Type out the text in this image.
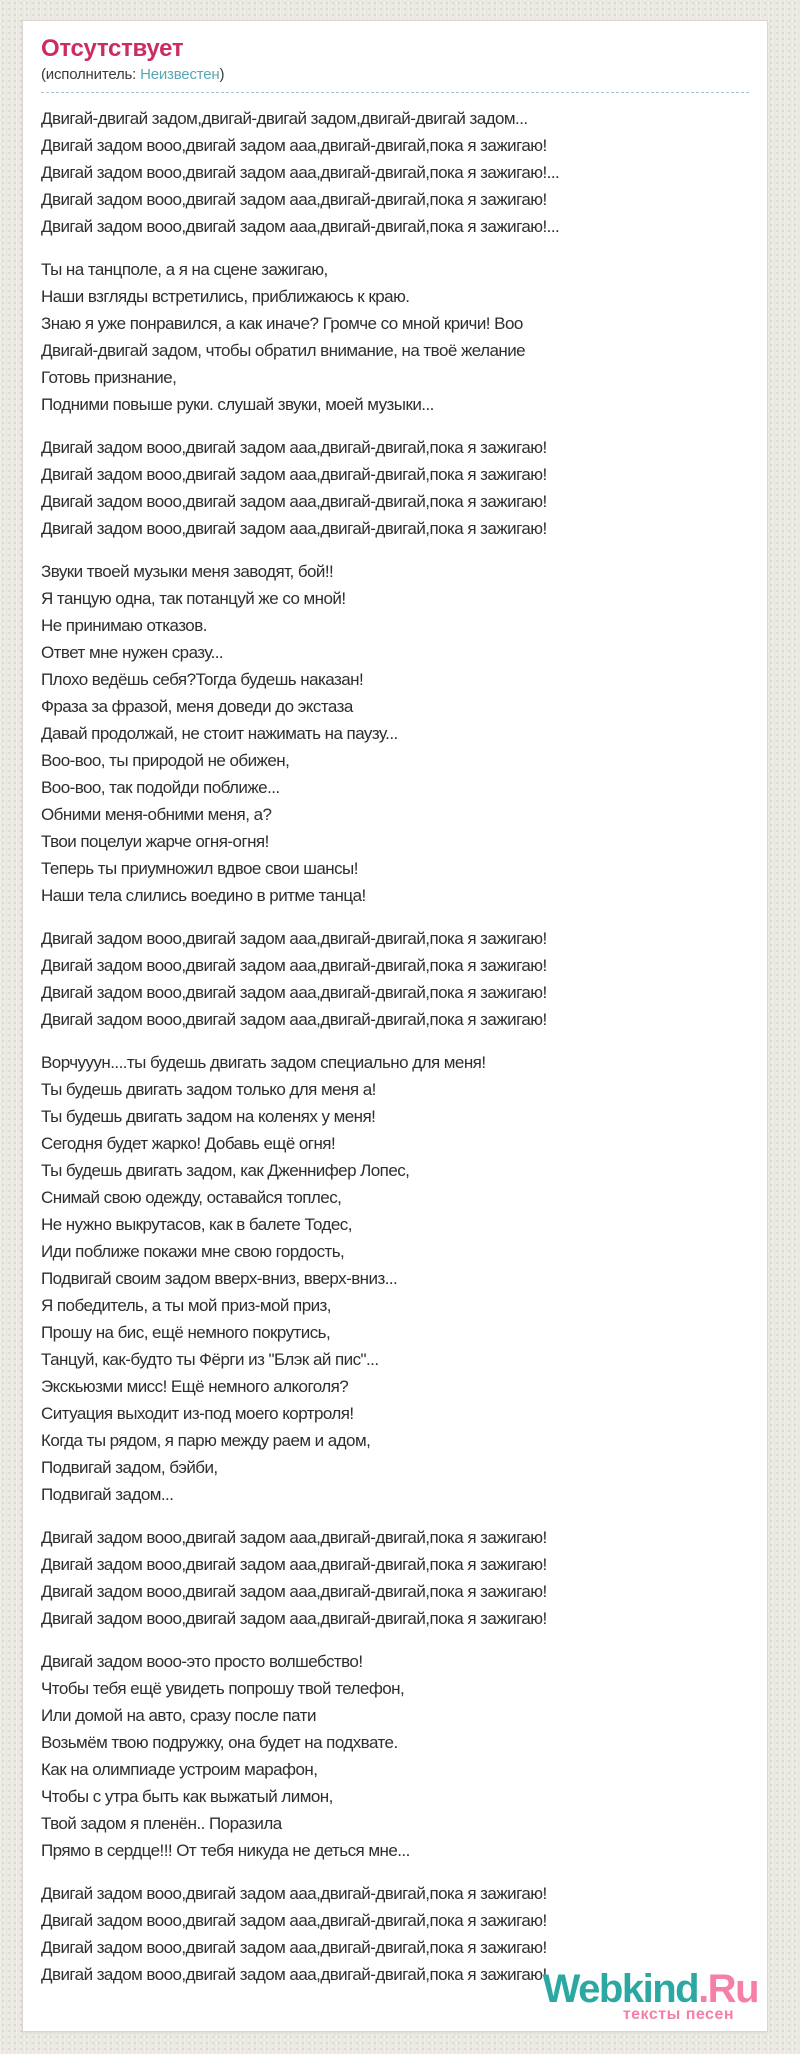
Отсутствует
(исполнитель: Неизвестен)

Двигай-двигай задом,двигай-двигай задом,двигай-двигай задом...
Двигай задом вооо,двигай задом ааа,двигай-двигай,пока я зажигаю!
Двигай задом вооо,двигай задом ааа,двигай-двигай,пока я зажигаю!...
Двигай задом вооо,двигай задом ааа,двигай-двигай,пока я зажигаю!
Двигай задом вооо,двигай задом ааа,двигай-двигай,пока я зажигаю!...

Ты на танцполе, а я на сцене зажигаю,
Наши взгляды встретились, приближаюсь к краю.
Знаю я уже понравился, а как иначе? Громче со мной кричи! Воо
Двигай-двигай задом, чтобы обратил внимание, на твоё желание
Готовь признание,
Подними повыше руки. слушай звуки, моей музыки...

Двигай задом вооо,двигай задом ааа,двигай-двигай,пока я зажигаю!
Двигай задом вооо,двигай задом ааа,двигай-двигай,пока я зажигаю!
Двигай задом вооо,двигай задом ааа,двигай-двигай,пока я зажигаю!
Двигай задом вооо,двигай задом ааа,двигай-двигай,пока я зажигаю!

Звуки твоей музыки меня заводят, бой!!
Я танцую одна, так потанцуй же со мной!
Не принимаю отказов.
Ответ мне нужен сразу...
Плохо ведёшь себя?Тогда будешь наказан!
Фраза за фразой, меня доведи до экстаза
Давай продолжай, не стоит нажимать на паузу...
Воо-воо, ты природой не обижен,
Воо-воо, так подойди поближе...
Обними меня-обними меня, а?
Твои поцелуи жарче огня-огня!
Теперь ты приумножил вдвое свои шансы!
Наши тела слились воедино в ритме танца!

Двигай задом вооо,двигай задом ааа,двигай-двигай,пока я зажигаю!
Двигай задом вооо,двигай задом ааа,двигай-двигай,пока я зажигаю!
Двигай задом вооо,двигай задом ааа,двигай-двигай,пока я зажигаю!
Двигай задом вооо,двигай задом ааа,двигай-двигай,пока я зажигаю!

Ворчууун....ты будешь двигать задом специально для меня!
Ты будешь двигать задом только для меня а!
Ты будешь двигать задом на коленях у меня!
Сегодня будет жарко! Добавь ещё огня!
Ты будешь двигать задом, как Дженнифер Лопес,
Снимай свою одежду, оставайся топлес,
Не нужно выкрутасов, как в балете Тодес,
Иди поближе покажи мне свою гордость,
Подвигай своим задом вверх-вниз, вверх-вниз...
Я победитель, а ты мой приз-мой приз,
Прошу на бис, ещё немного покрутись,
Танцуй, как-будто ты Фёрги из "Блэк ай пис"...
Экскьюзми мисс! Ещё немного алкоголя?
Ситуация выходит из-под моего кортроля!
Когда ты рядом, я парю между раем и адом,
Подвигай задом, бэйби,
Подвигай задом...

Двигай задом вооо,двигай задом ааа,двигай-двигай,пока я зажигаю!
Двигай задом вооо,двигай задом ааа,двигай-двигай,пока я зажигаю!
Двигай задом вооо,двигай задом ааа,двигай-двигай,пока я зажигаю!
Двигай задом вооо,двигай задом ааа,двигай-двигай,пока я зажигаю!

Двигай задом вооо-это просто волшебство!
Чтобы тебя ещё увидеть попрошу твой телефон,
Или домой на авто, сразу после пати
Возьмём твою подружку, она будет на подхвате.
Как на олимпиаде устроим марафон,
Чтобы с утра быть как выжатый лимон,
Твой задом я пленён.. Поразила
Прямо в сердце!!! От тебя никуда не деться мне...

Двигай задом вооо,двигай задом ааа,двигай-двигай,пока я зажигаю!
Двигай задом вооо,двигай задом ааа,двигай-двигай,пока я зажигаю!
Двигай задом вооо,двигай задом ааа,двигай-двигай,пока я зажигаю!
Двигай задом вооо,двигай задом ааа,двигай-двигай,пока я зажигаю!

Webkind.Ru
тексты песен
